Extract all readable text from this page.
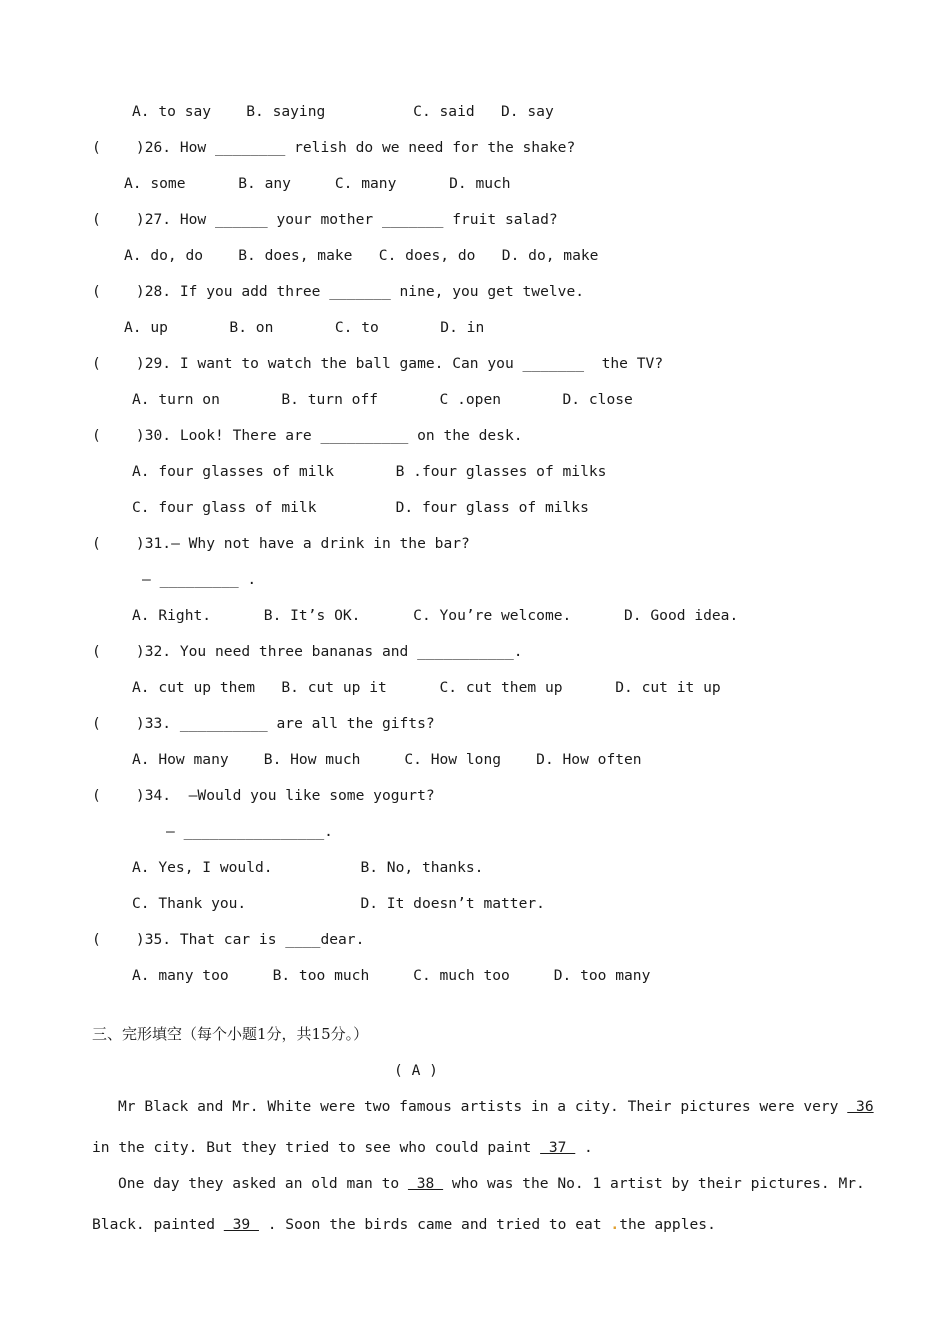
A. to say    B. saying          C. said   D. say
(    )26. How ________ relish do we need for the shake?
A. some      B. any     C. many      D. much
(    )27. How ______ your mother _______ fruit salad?
A. do, do    B. does, make   C. does, do   D. do, make
(    )28. If you add three _______ nine, you get twelve.
A. up       B. on       C. to       D. in
(    )29. I want to watch the ball game. Can you _______  the TV?
A. turn on       B. turn off       C .open       D. close
(    )30. Look! There are __________ on the desk.
A. four glasses of milk       B .four glasses of milks
C. four glass of milk         D. four glass of milks
(    )31.— Why not have a drink in the bar?
— _________ .
A. Right.      B. It’s OK.      C. You’re welcome.      D. Good idea.
(    )32. You need three bananas and ___________.
A. cut up them   B. cut up it      C. cut them up      D. cut it up
(    )33. __________ are all the gifts?
A. How many    B. How much     C. How long    D. How often
(    )34.  —Would you like some yogurt?
— ________________.
A. Yes, I would.          B. No, thanks.
C. Thank you.             D. It doesn’t matter.
(    )35. That car is ____dear.
A. many too     B. too much     C. much too     D. too many
三、完形填空（每个小题1分，共15分。）
( A )
Mr Black and Mr. White were two famous artists in a city. Their pictures were very  36
in the city. But they tried to see who could paint  37  .
One day they asked an old man to  38  who was the No. 1 artist by their pictures. Mr.
Black. painted  39  . Soon the birds came and tried to eat .the apples.
